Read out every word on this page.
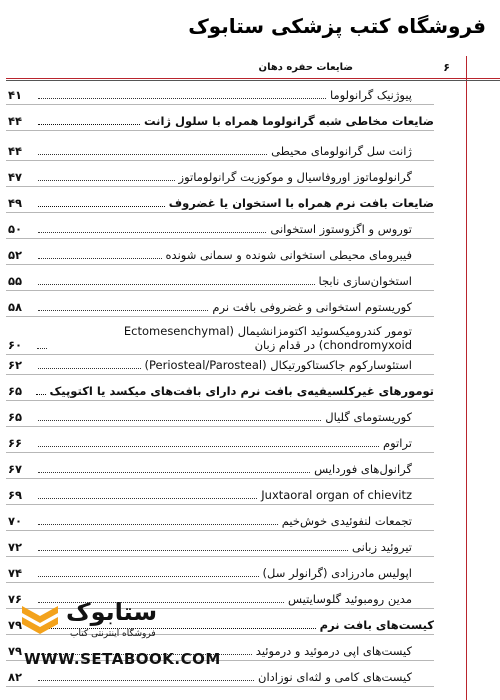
فروشگاه کتب پزشکی ستابوک
۶
ضایعات حفره دهان
پیوژنیک گرانولوما
۴۱
ضایعات مخاطی شبه گرانولوما همراه با سلول ژانت
۴۴
ژانت سل گرانولومای محیطی
۴۴
گرانولوماتوز اوروفاسیال و موکوزیت گرانولوماتوز
۴۷
ضایعات بافت نرم همراه با استخوان یا غضروف
۴۹
توروس و اگزوستوز استخوانی
۵۰
فیبرومای محیطی استخوانی شونده و سمانی شونده
۵۲
استخوان‌سازی نابجا
۵۵
کوریستوم استخوانی و غضروفی بافت نرم
۵۸
تومور کندرومیکسوئید اکتومزانشیمال (Ectomesenchymal chondromyxoid) در قدام زبان
۶۰
استئوسارکوم جاکستاکورتیکال (Periosteal/Parosteal)
۶۲
تومورهای غیرکلسیفیه‌ی بافت نرم دارای بافت‌های میکسد یا اکتوپیک
۶۵
کوریستومای گلیال
۶۵
تراتوم
۶۶
گرانول‌های فوردایس
۶۷
Juxtaoral organ of chievitz
۶۹
تجمعات لنفوئیدی خوش‌خیم
۷۰
تیروئید زبانی
۷۲
اپولیس مادرزادی (گرانولر سل)
۷۴
مدین رومبوئید گلوسایتیس
۷۶
کیست‌های بافت نرم
۷۹
کیست‌های اپی درموئید و درموئید
۷۹
کیست‌های کامی و لثه‌ای نوزادان
۸۲
ستابوک
فروشگاه اینترنتی کتاب
WWW.SETABOOK.COM
